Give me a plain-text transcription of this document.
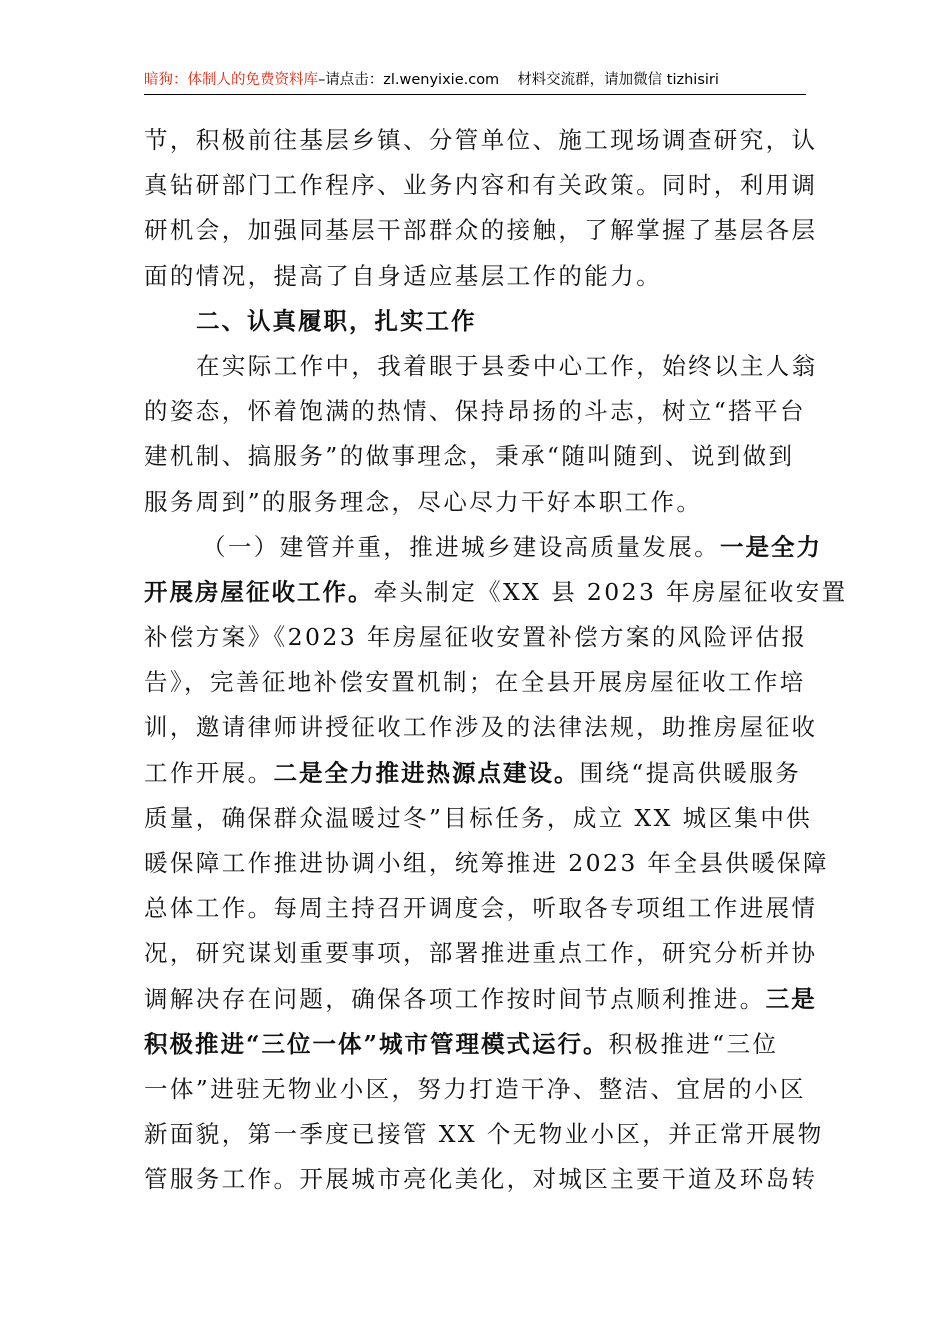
暗狗：体制人的免费资料库–请点击：zl.wenyixie.com 材料交流群，请加微信 tizhisiri
节，积极前往基层乡镇、分管单位、施工现场调查研究，认
真钻研部门工作程序、业务内容和有关政策。同时，利用调
研机会，加强同基层干部群众的接触，了解掌握了基层各层
面的情况，提高了自身适应基层工作的能力。
二、认真履职，扎实工作
在实际工作中，我着眼于县委中心工作，始终以主人翁
的姿态，怀着饱满的热情、保持昂扬的斗志，树立“搭平台
建机制、搞服务”的做事理念，秉承“随叫随到、说到做到
服务周到”的服务理念，尽心尽力干好本职工作。
（一）建管并重，推进城乡建设高质量发展。一是全力
开展房屋征收工作。牵头制定《XX 县 2023 年房屋征收安置
补偿方案》《2023 年房屋征收安置补偿方案的风险评估报
告》，完善征地补偿安置机制；在全县开展房屋征收工作培
训，邀请律师讲授征收工作涉及的法律法规，助推房屋征收
工作开展。二是全力推进热源点建设。围绕“提高供暖服务
质量，确保群众温暖过冬”目标任务，成立 XX 城区集中供
暖保障工作推进协调小组，统筹推进 2023 年全县供暖保障
总体工作。每周主持召开调度会，听取各专项组工作进展情
况，研究谋划重要事项，部署推进重点工作，研究分析并协
调解决存在问题，确保各项工作按时间节点顺利推进。三是
积极推进“三位一体”城市管理模式运行。积极推进“三位
一体”进驻无物业小区，努力打造干净、整洁、宜居的小区
新面貌，第一季度已接管 XX 个无物业小区，并正常开展物
管服务工作。开展城市亮化美化，对城区主要干道及环岛转
